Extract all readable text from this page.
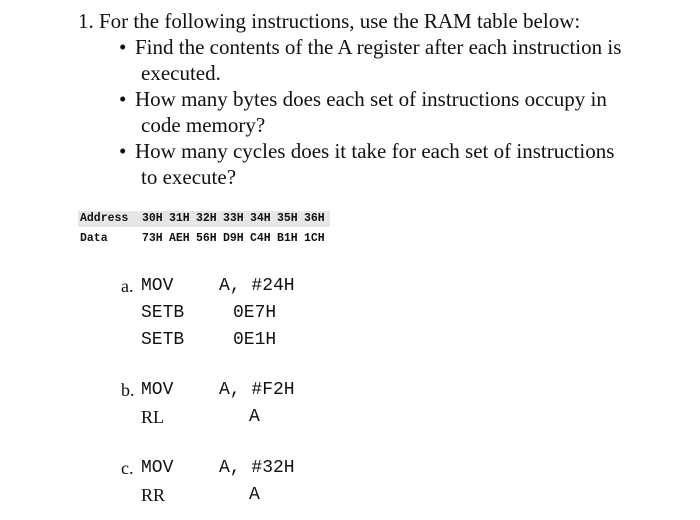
1. For the following instructions, use the RAM table below:
• Find the contents of the A register after each instruction is
executed.
• How many bytes does each set of instructions occupy in
code memory?
• How many cycles does it take for each set of instructions
to execute?
Address 30H 31H 32H 33H 34H 35H 36H
Data	73H AEH 56H D9H C4H B1H 1CH
a. MOV	A, #24H
SETB	0E7H
SETB	0E1H
b. MOV	A, #F2H
RL	A
c. MOV	A, #32H
RR	A
